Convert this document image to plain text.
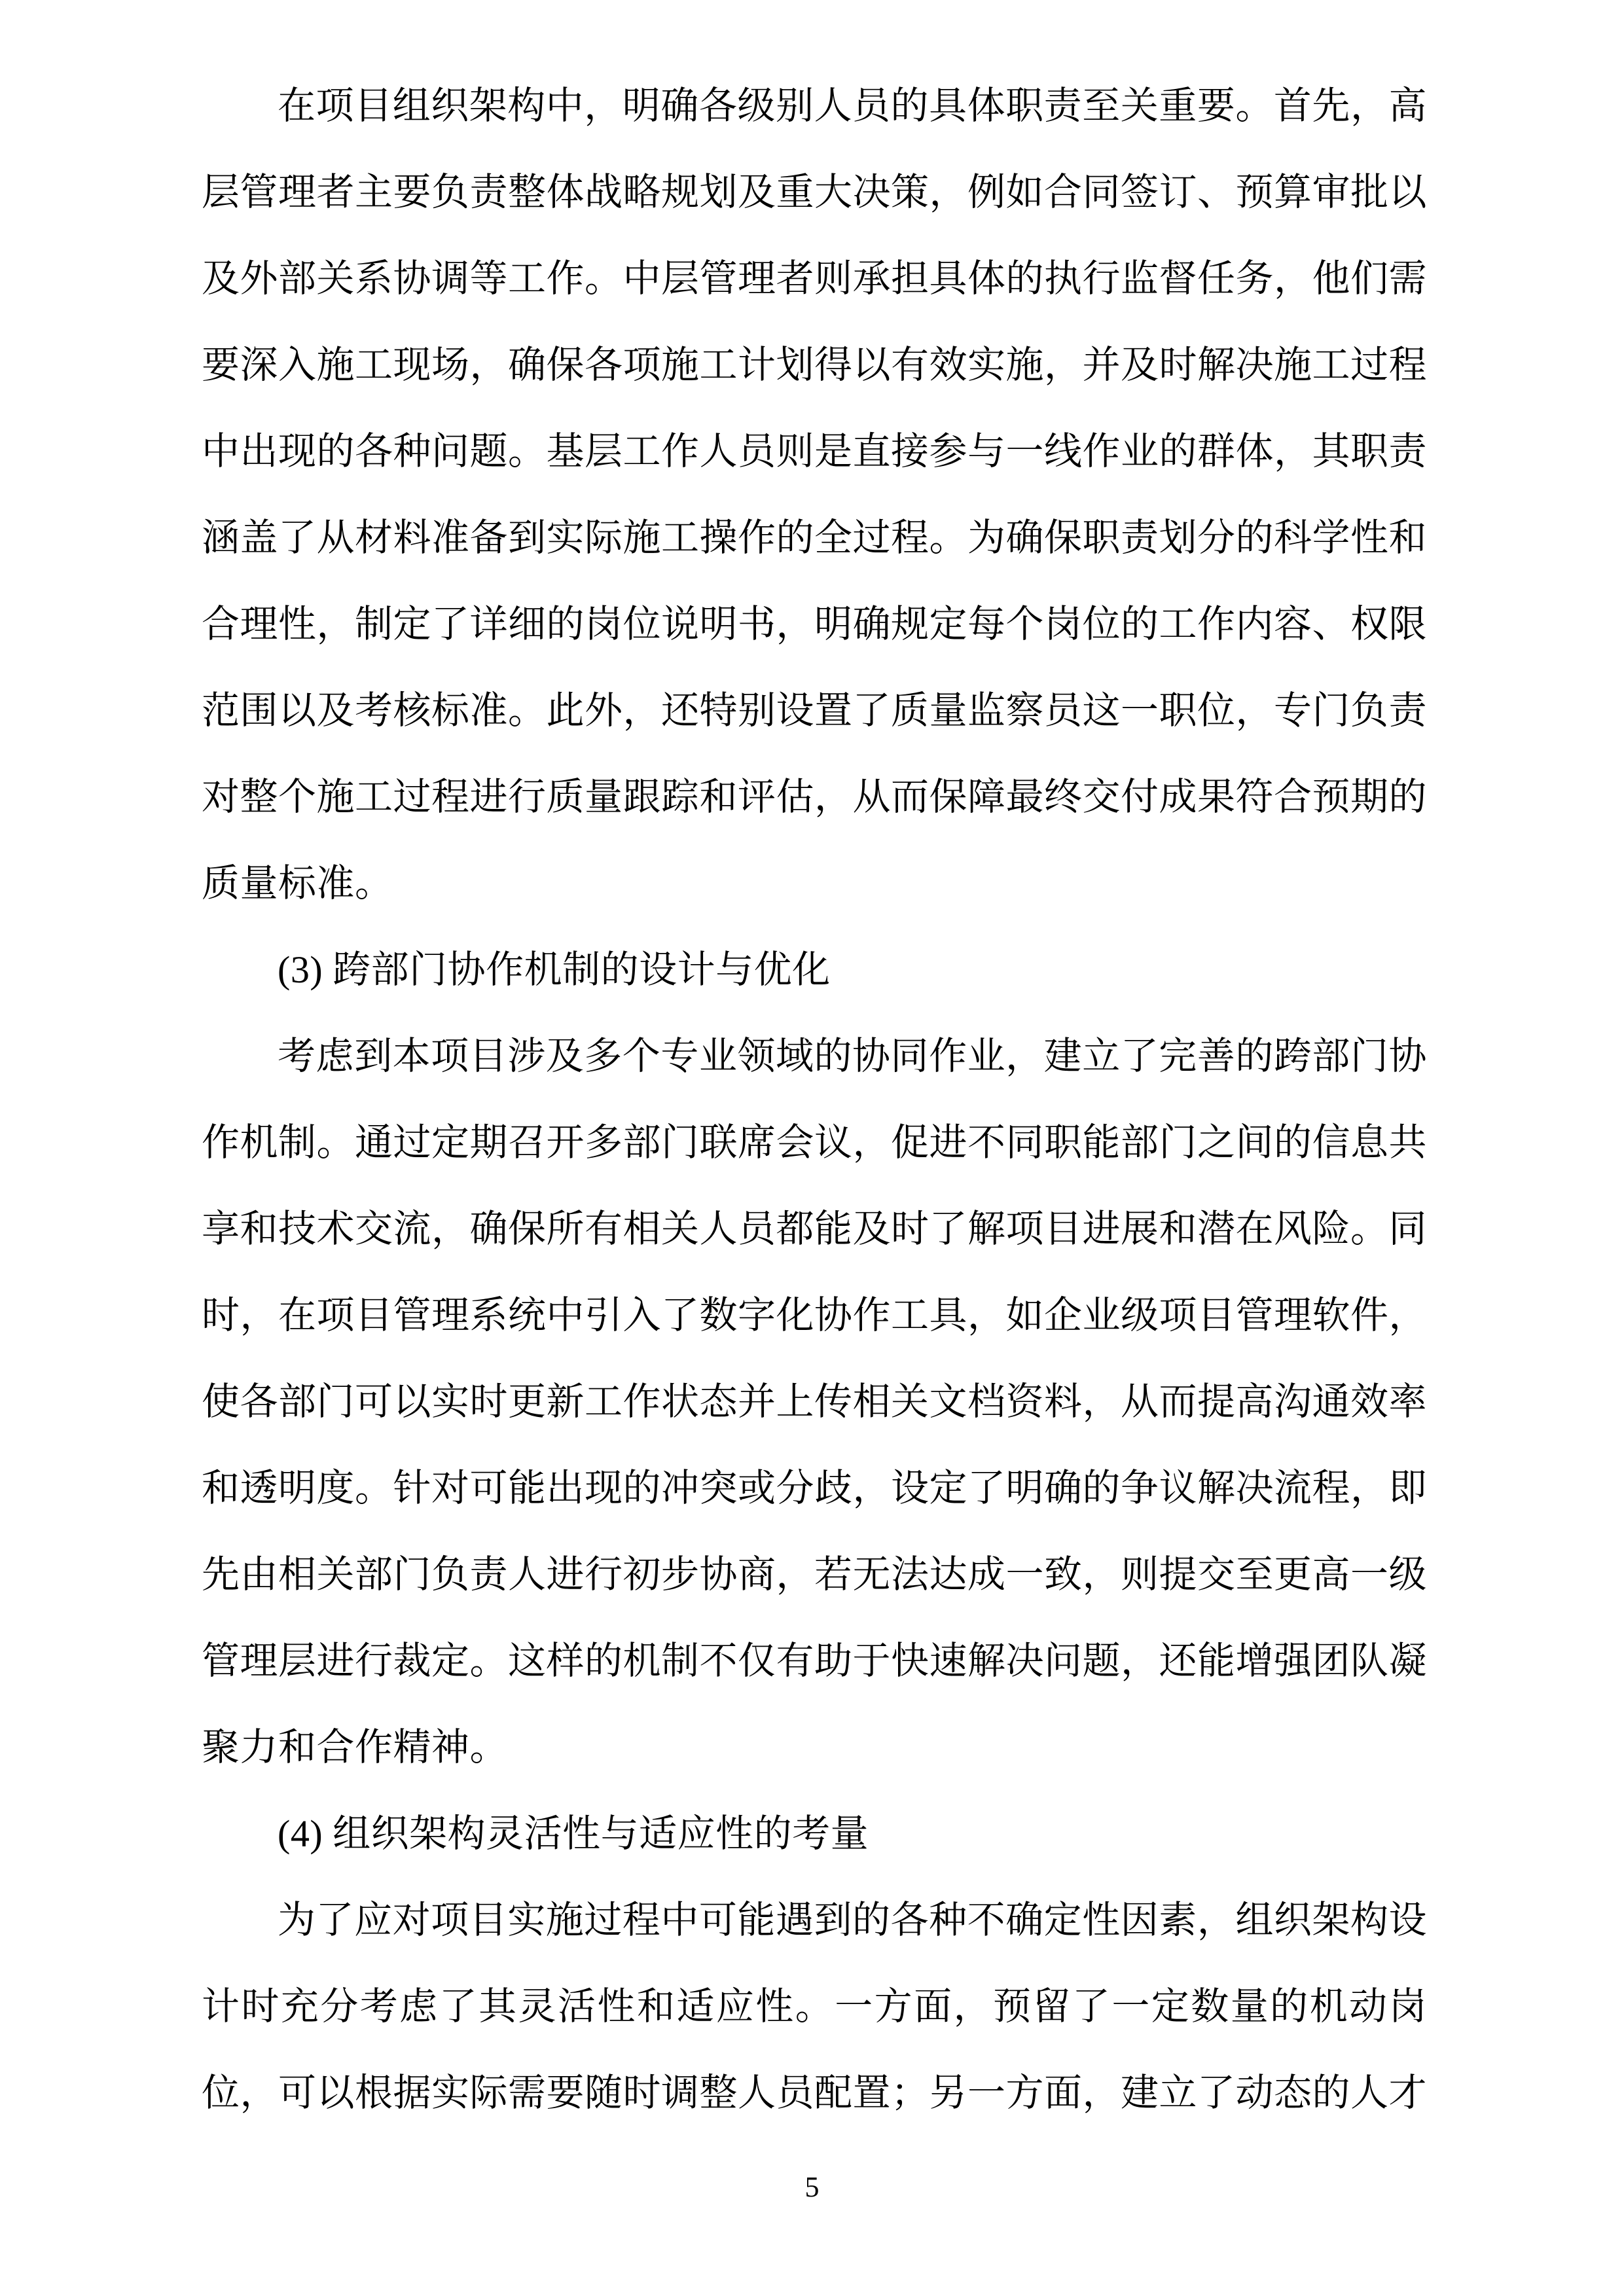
在项目组织架构中，明确各级别人员的具体职责至关重要。首先，高层管理者主要负责整体战略规划及重大决策，例如合同签订、预算审批以及外部关系协调等工作。中层管理者则承担具体的执行监督任务，他们需要深入施工现场，确保各项施工计划得以有效实施，并及时解决施工过程中出现的各种问题。基层工作人员则是直接参与一线作业的群体，其职责涵盖了从材料准备到实际施工操作的全过程。为确保职责划分的科学性和合理性，制定了详细的岗位说明书，明确规定每个岗位的工作内容、权限范围以及考核标准。此外，还特别设置了质量监察员这一职位，专门负责对整个施工过程进行质量跟踪和评估，从而保障最终交付成果符合预期的质量标准。

(3) 跨部门协作机制的设计与优化

考虑到本项目涉及多个专业领域的协同作业，建立了完善的跨部门协作机制。通过定期召开多部门联席会议，促进不同职能部门之间的信息共享和技术交流，确保所有相关人员都能及时了解项目进展和潜在风险。同时，在项目管理系统中引入了数字化协作工具，如企业级项目管理软件，使各部门可以实时更新工作状态并上传相关文档资料，从而提高沟通效率和透明度。针对可能出现的冲突或分歧，设定了明确的争议解决流程，即先由相关部门负责人进行初步协商，若无法达成一致，则提交至更高一级管理层进行裁定。这样的机制不仅有助于快速解决问题，还能增强团队凝聚力和合作精神。

(4) 组织架构灵活性与适应性的考量

为了应对项目实施过程中可能遇到的各种不确定性因素，组织架构设计时充分考虑了其灵活性和适应性。一方面，预留了一定数量的机动岗位，可以根据实际需要随时调整人员配置；另一方面，建立了动态的人才

5
